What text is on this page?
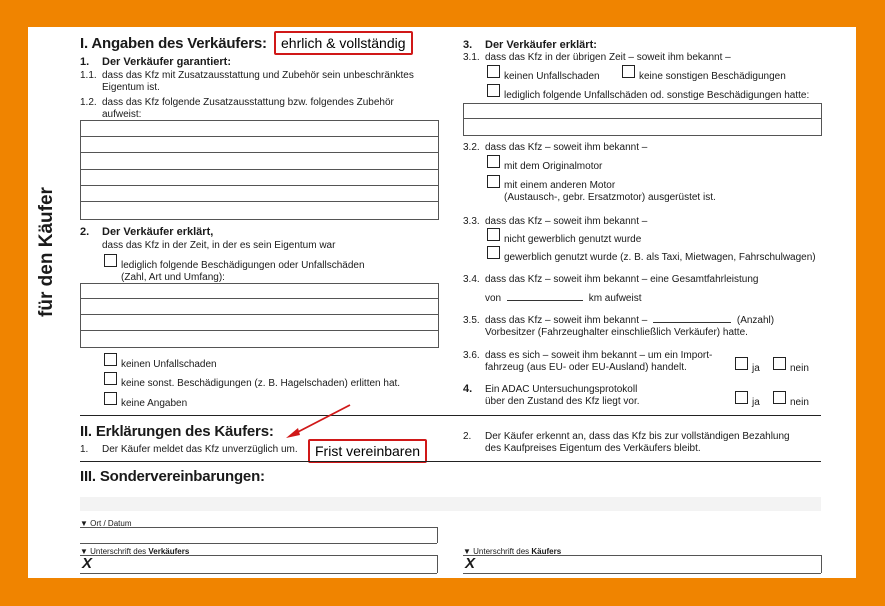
für den Käufer
I. Angaben des Verkäufers:	ehrlich & vollständig
1. Der Verkäufer garantiert:
1.1. dass das Kfz mit Zusatzausstattung und Zubehör sein unbeschränktes
Eigentum ist.
1.2. dass das Kfz folgende Zusatzausstattung bzw. folgendes Zubehör
aufweist:
2. Der Verkäufer erklärt,
dass das Kfz in der Zeit, in der es sein Eigentum war
lediglich folgende Beschädigungen oder Unfallschäden
(Zahl, Art und Umfang):
keinen Unfallschaden
keine sonst. Beschädigungen (z. B. Hagelschaden) erlitten hat.
keine Angaben
3. Der Verkäufer erklärt:
3.1. dass das Kfz in der übrigen Zeit – soweit ihm bekannt –
keinen Unfallschaden	keine sonstigen Beschädigungen
lediglich folgende Unfallschäden od. sonstige Beschädigungen hatte:
3.2. dass das Kfz – soweit ihm bekannt –
mit dem Originalmotor
mit einem anderen Motor
(Austausch-, gebr. Ersatzmotor) ausgerüstet ist.
3.3. dass das Kfz – soweit ihm bekannt –
nicht gewerblich genutzt wurde
gewerblich genutzt wurde (z. B. als Taxi, Mietwagen, Fahrschulwagen)
3.4. dass das Kfz – soweit ihm bekannt – eine Gesamtfahrleistung
von	km aufweist
3.5. dass das Kfz – soweit ihm bekannt –	(Anzahl)
Vorbesitzer (Fahrzeughalter einschließlich Verkäufer) hatte.
3.6. dass es sich – soweit ihm bekannt – um ein Import-
fahrzeug (aus EU- oder EU-Ausland) handelt.	ja	nein
4. Ein ADAC Untersuchungsprotokoll
über den Zustand des Kfz liegt vor.	ja	nein
II. Erklärungen des Käufers:
1. Der Käufer meldet das Kfz unverzüglich um.	Frist vereinbaren
2. Der Käufer erkennt an, dass das Kfz bis zur vollständigen Bezahlung
des Kaufpreises Eigentum des Verkäufers bleibt.
III. Sondervereinbarungen:
▼ Ort / Datum
▼ Unterschrift des Verkäufers
X
▼ Unterschrift des Käufers
X
